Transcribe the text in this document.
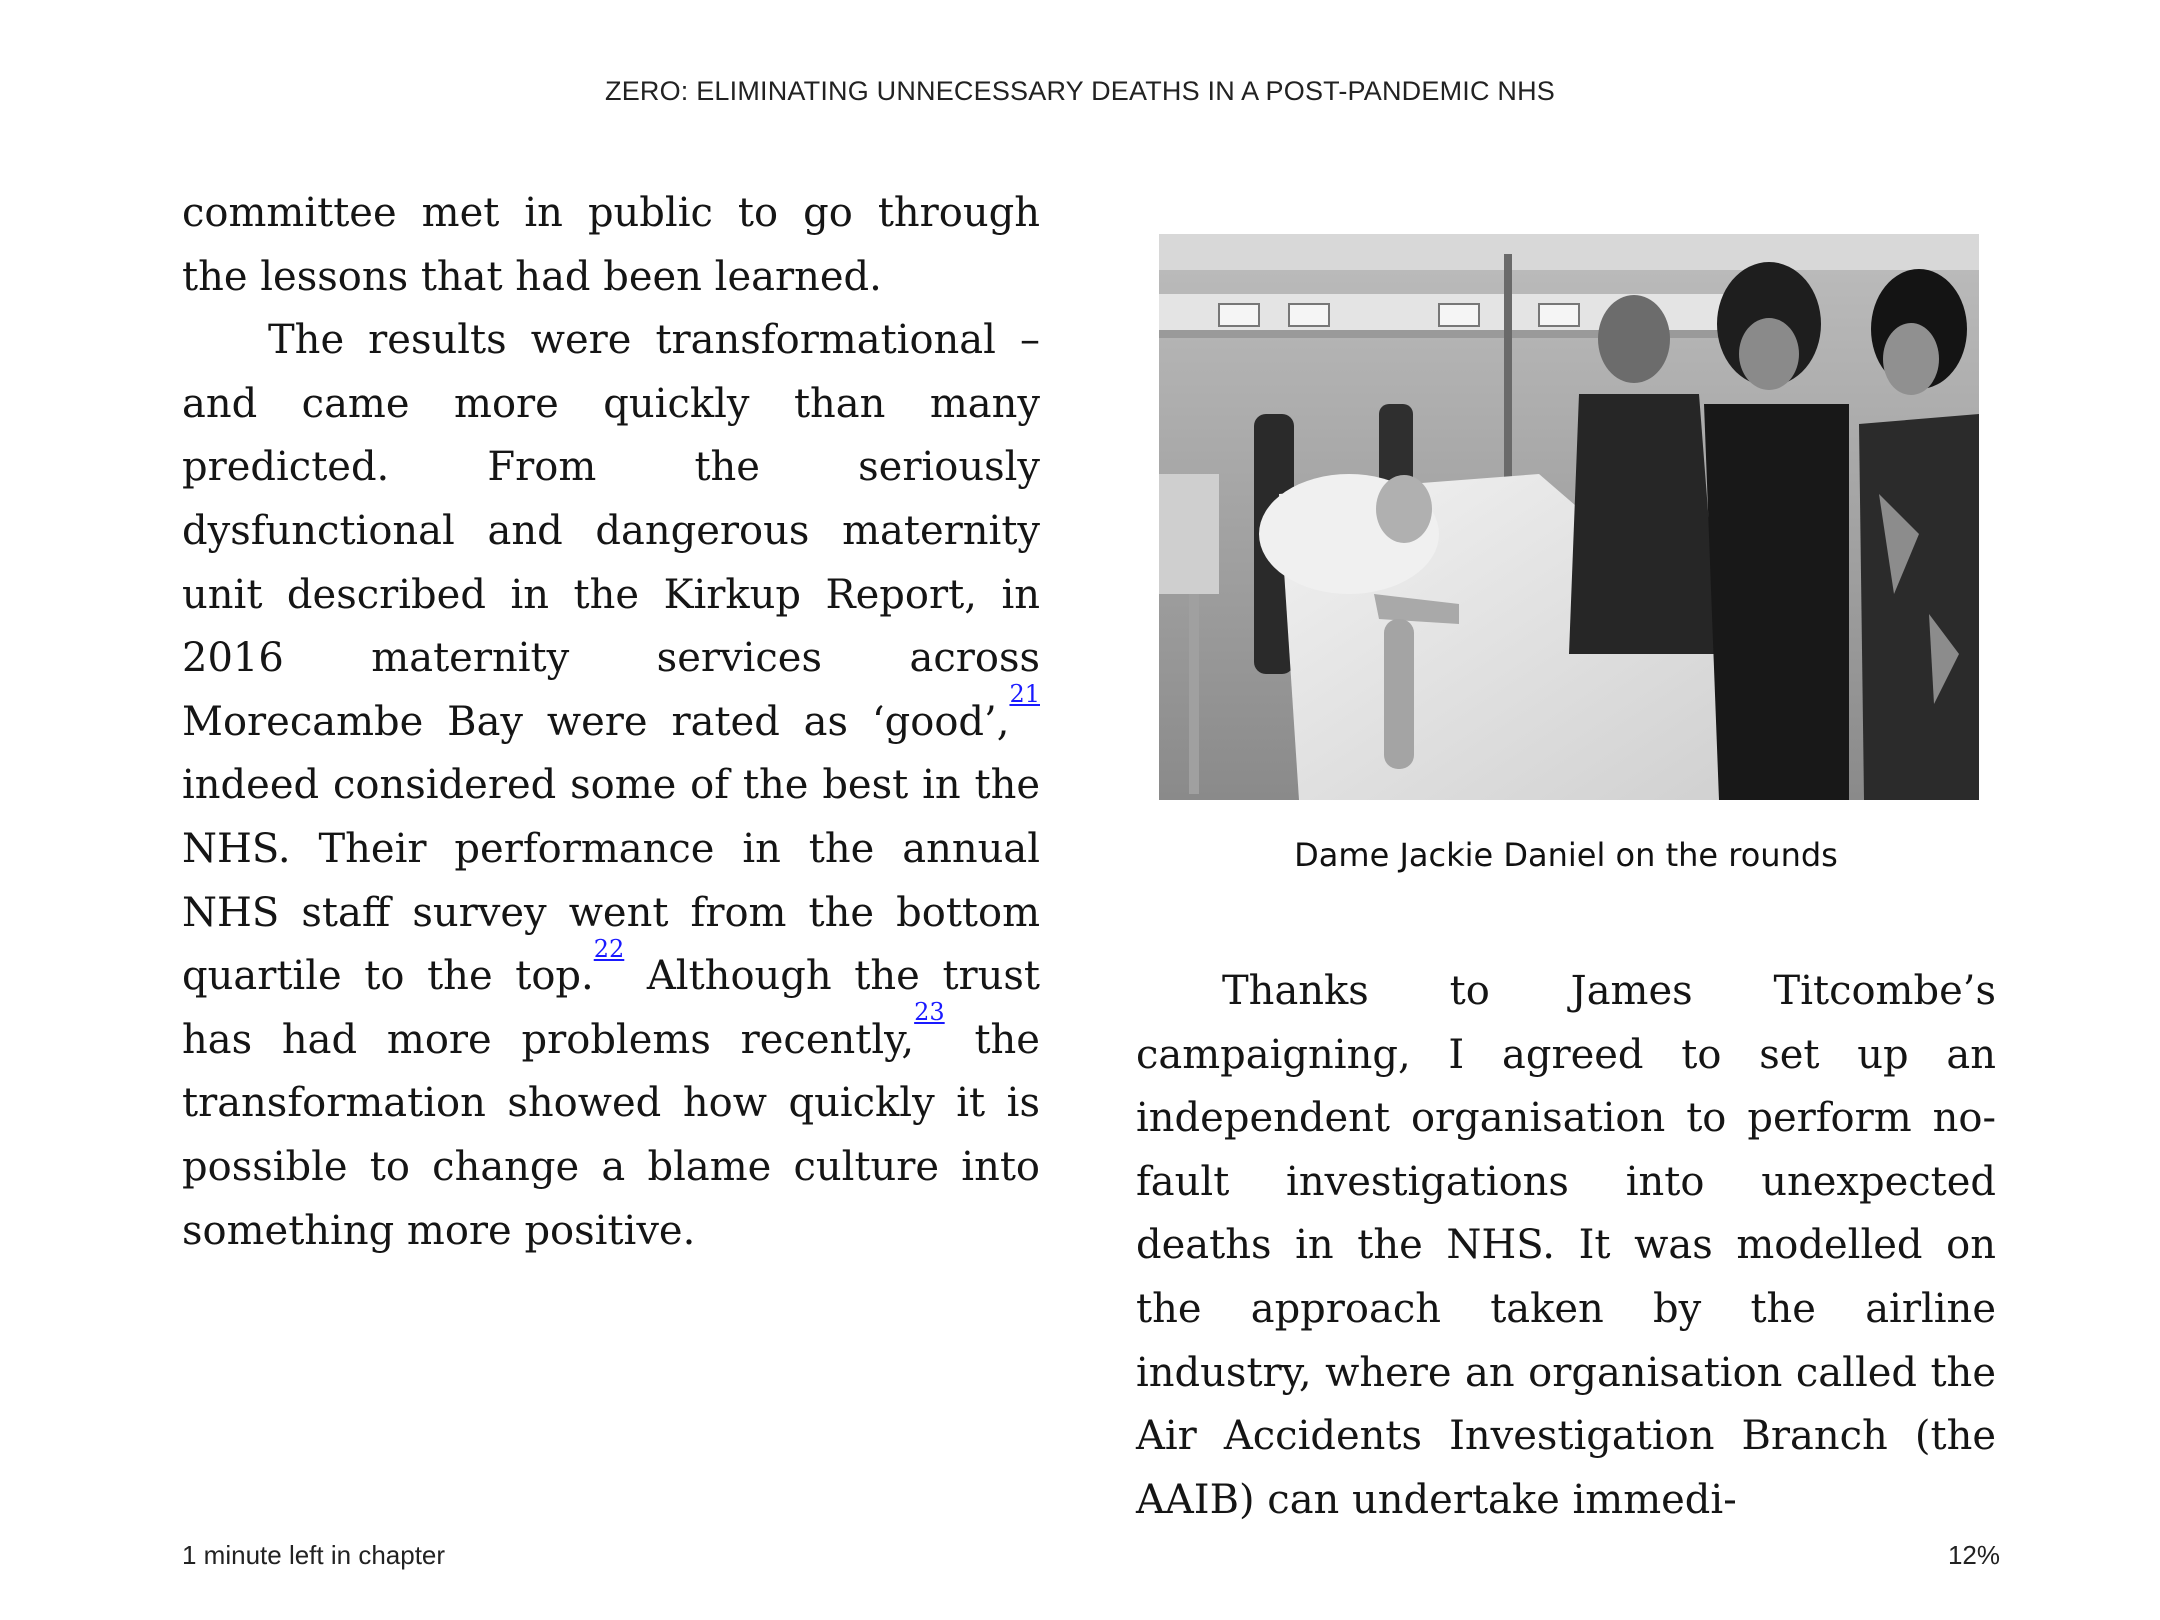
ZERO: ELIMINATING UNNECESSARY DEATHS IN A POST-PANDEMIC NHS

committee met in public to go through the lessons that had been learned.

The results were transformational – and came more quickly than many predicted. From the seriously dysfunctional and dangerous maternity unit described in the Kirkup Report, in 2016 maternity services across Morecambe Bay were rated as ‘good’,$^{21}$ indeed considered some of the best in the NHS. Their performance in the annual NHS staff survey went from the bottom quartile to the top.$^{22}$ Although the trust has had more problems recently,$^{23}$ the transformation showed how quickly it is possible to change a blame culture into something more positive.

Dame Jackie Daniel on the rounds

Thanks to James Titcombe’s campaigning, I agreed to set up an independent organisation to perform no-fault investigations into unexpected deaths in the NHS. It was modelled on the approach taken by the airline industry, where an organisation called the Air Accidents Investigation Branch (the AAIB) can undertake immedi-

1 minute left in chapter	12%
